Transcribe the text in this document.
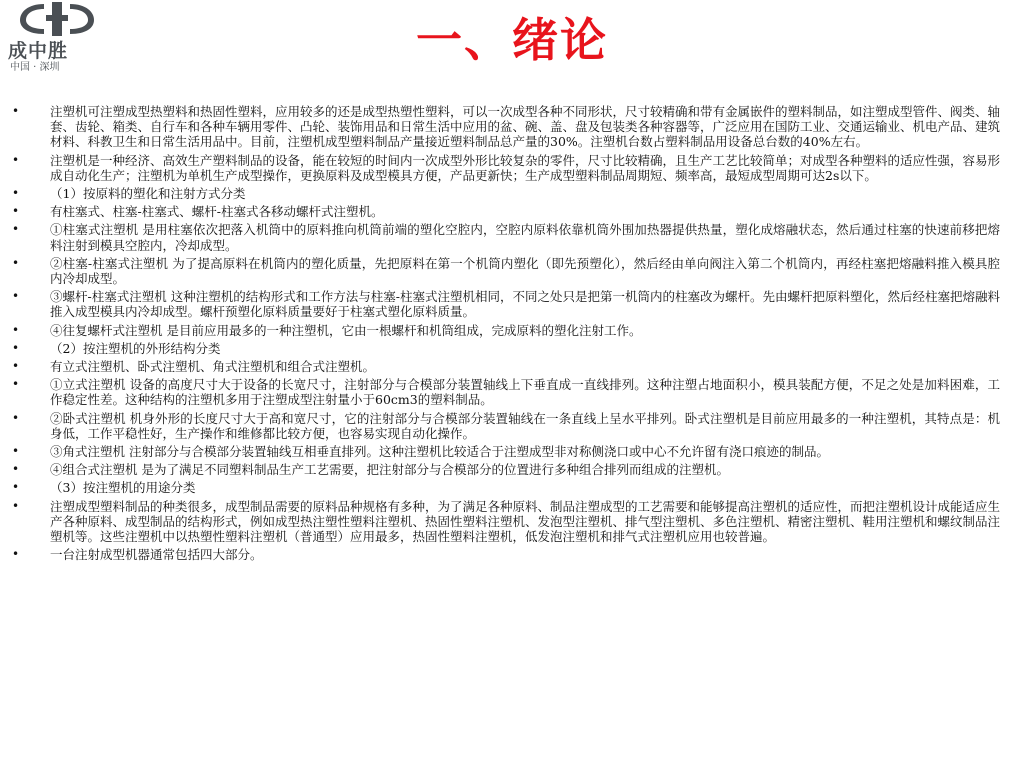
成中胜
中国 · 深圳
一、绪论
• 注塑机可注塑成型热塑料和热固性塑料，应用较多的还是成型热塑性塑料，可以一次成型各种不同形状，尺寸较精确和带有金属嵌件的塑料制品，如注塑成型管件、阀类、轴套、齿轮、箱类、自行车和各种车辆用零件、凸轮、装饰用品和日常生活中应用的盆、碗、盖、盘及包装类各种容器等，广泛应用在国防工业、交通运输业、机电产品、建筑材料、科教卫生和日常生活用品中。目前，注塑机成型塑料制品产量接近塑料制品总产量的30%。注塑机台数占塑料制品用设备总台数的40%左右。
• 注塑机是一种经济、高效生产塑料制品的设备，能在较短的时间内一次成型外形比较复杂的零件，尺寸比较精确，且生产工艺比较简单；对成型各种塑料的适应性强，容易形成自动化生产；注塑机为单机生产成型操作，更换原料及成型模具方便，产品更新快；生产成型塑料制品周期短、频率高，最短成型周期可达2s以下。
• （1）按原料的塑化和注射方式分类
• 有柱塞式、柱塞-柱塞式、螺杆-柱塞式各移动螺杆式注塑机。
• ①柱塞式注塑机 是用柱塞依次把落入机筒中的原料推向机筒前端的塑化空腔内，空腔内原料依靠机筒外围加热器提供热量，塑化成熔融状态，然后通过柱塞的快速前移把熔料注射到模具空腔内，冷却成型。
• ②柱塞-柱塞式注塑机 为了提高原料在机筒内的塑化质量，先把原料在第一个机筒内塑化（即先预塑化），然后经由单向阀注入第二个机筒内，再经柱塞把熔融料推入模具腔内冷却成型。
• ③螺杆-柱塞式注塑机 这种注塑机的结构形式和工作方法与柱塞-柱塞式注塑机相同，不同之处只是把第一机筒内的柱塞改为螺杆。先由螺杆把原料塑化，然后经柱塞把熔融料推入成型模具内冷却成型。螺杆预塑化原料质量要好于柱塞式塑化原料质量。
• ④往复螺杆式注塑机 是目前应用最多的一种注塑机，它由一根螺杆和机筒组成，完成原料的塑化注射工作。
• （2）按注塑机的外形结构分类
• 有立式注塑机、卧式注塑机、角式注塑机和组合式注塑机。
• ①立式注塑机 设备的高度尺寸大于设备的长宽尺寸，注射部分与合模部分装置轴线上下垂直成一直线排列。这种注塑占地面积小，模具装配方便，不足之处是加料困难，工作稳定性差。这种结构的注塑机多用于注塑成型注射量小于60cm3的塑料制品。
• ②卧式注塑机 机身外形的长度尺寸大于高和宽尺寸，它的注射部分与合模部分装置轴线在一条直线上呈水平排列。卧式注塑机是目前应用最多的一种注塑机，其特点是：机身低，工作平稳性好，生产操作和维修都比较方便，也容易实现自动化操作。
• ③角式注塑机 注射部分与合模部分装置轴线互相垂直排列。这种注塑机比较适合于注塑成型非对称侧浇口或中心不允许留有浇口痕迹的制品。
• ④组合式注塑机 是为了满足不同塑料制品生产工艺需要，把注射部分与合模部分的位置进行多种组合排列而组成的注塑机。
• （3）按注塑机的用途分类
• 注塑成型塑料制品的种类很多，成型制品需要的原料品种规格有多种，为了满足各种原料、制品注塑成型的工艺需要和能够提高注塑机的适应性，而把注塑机设计成能适应生产各种原料、成型制品的结构形式，例如成型热注塑性塑料注塑机、热固性塑料注塑机、发泡型注塑机、排气型注塑机、多色注塑机、精密注塑机、鞋用注塑机和螺纹制品注塑机等。这些注塑机中以热塑性塑料注塑机（普通型）应用最多，热固性塑料注塑机，低发泡注塑机和排气式注塑机应用也较普遍。
• 一台注射成型机器通常包括四大部分。
